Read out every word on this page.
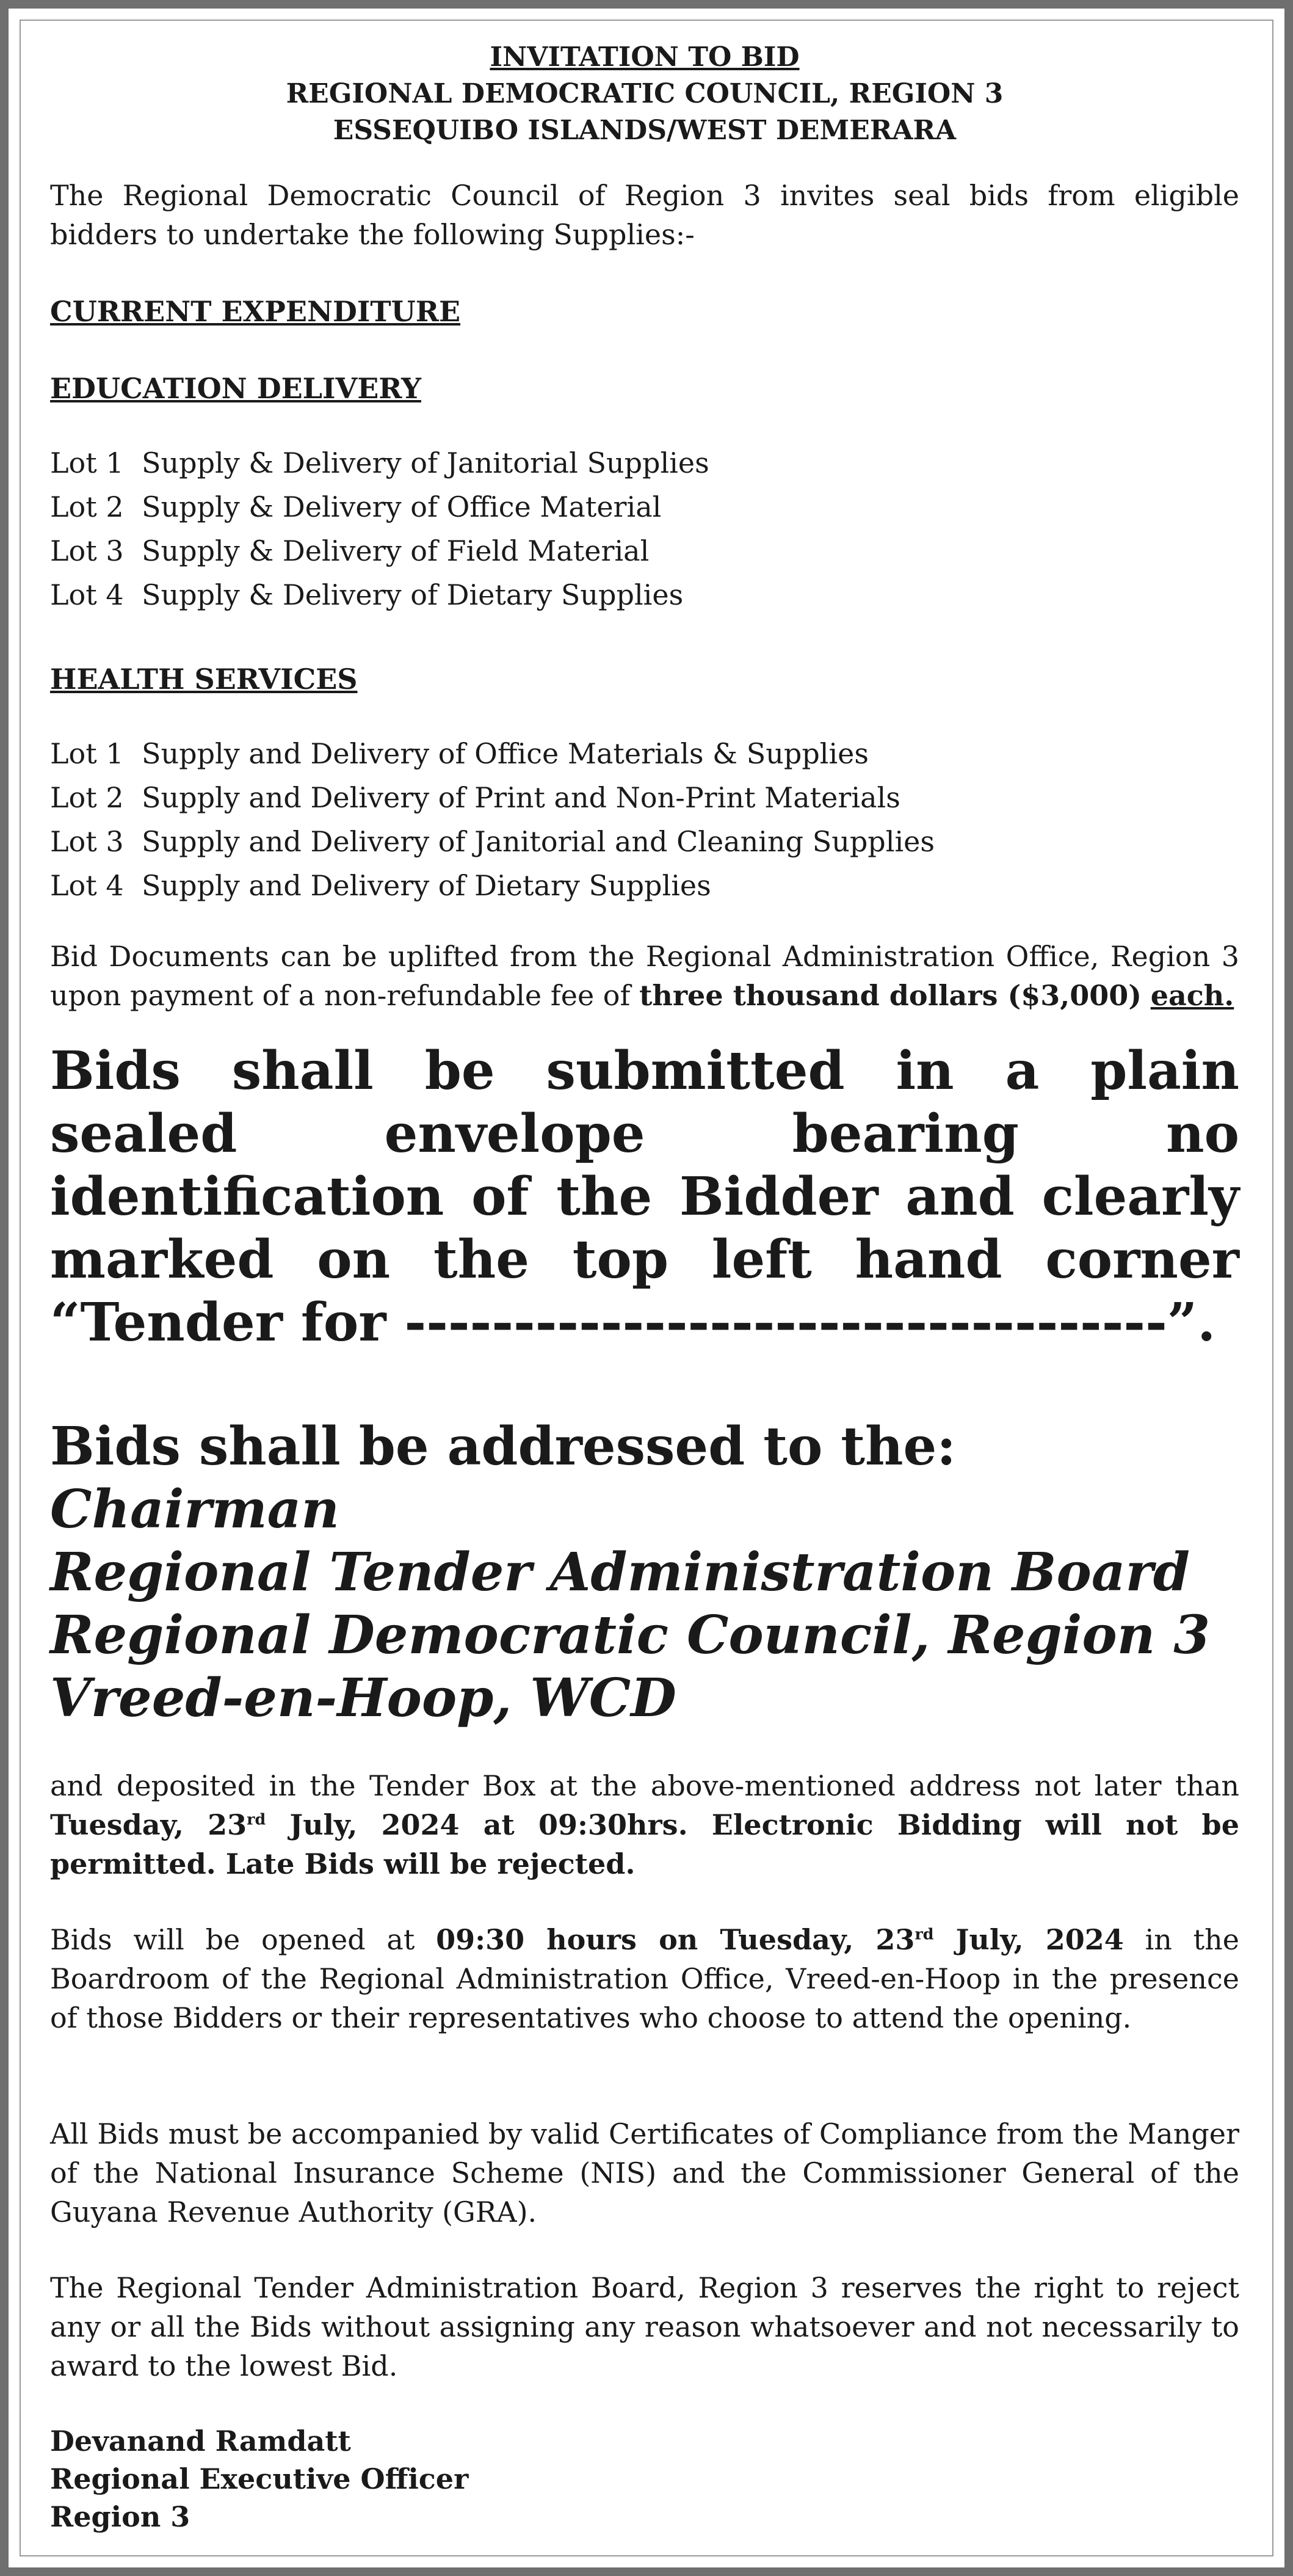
INVITATION TO BID
REGIONAL DEMOCRATIC COUNCIL, REGION 3
ESSEQUIBO ISLANDS/WEST DEMERARA

The Regional Democratic Council of Region 3 invites seal bids from eligible bidders to undertake the following Supplies:-

CURRENT EXPENDITURE

EDUCATION DELIVERY

Lot 1 Supply & Delivery of Janitorial Supplies
Lot 2 Supply & Delivery of Office Material
Lot 3 Supply & Delivery of Field Material
Lot 4 Supply & Delivery of Dietary Supplies

HEALTH SERVICES

Lot 1 Supply and Delivery of Office Materials & Supplies
Lot 2 Supply and Delivery of Print and Non-Print Materials
Lot 3 Supply and Delivery of Janitorial and Cleaning Supplies
Lot 4 Supply and Delivery of Dietary Supplies

Bid Documents can be uplifted from the Regional Administration Office, Region 3 upon payment of a non-refundable fee of three thousand dollars ($3,000) each.

Bids shall be submitted in a plain sealed envelope bearing no identification of the Bidder and clearly marked on the top left hand corner “Tender for -----------------------------------”.

Bids shall be addressed to the:

Chairman
Regional Tender Administration Board
Regional Democratic Council, Region 3
Vreed-en-Hoop, WCD

and deposited in the Tender Box at the above-mentioned address not later than Tuesday, 23rd July, 2024 at 09:30hrs. Electronic Bidding will not be permitted. Late Bids will be rejected.

Bids will be opened at 09:30 hours on Tuesday, 23rd July, 2024 in the Boardroom of the Regional Administration Office, Vreed-en-Hoop in the presence of those Bidders or their representatives who choose to attend the opening.

All Bids must be accompanied by valid Certificates of Compliance from the Manger of the National Insurance Scheme (NIS) and the Commissioner General of the Guyana Revenue Authority (GRA).

The Regional Tender Administration Board, Region 3 reserves the right to reject any or all the Bids without assigning any reason whatsoever and not necessarily to award to the lowest Bid.

Devanand Ramdatt
Regional Executive Officer
Region 3
